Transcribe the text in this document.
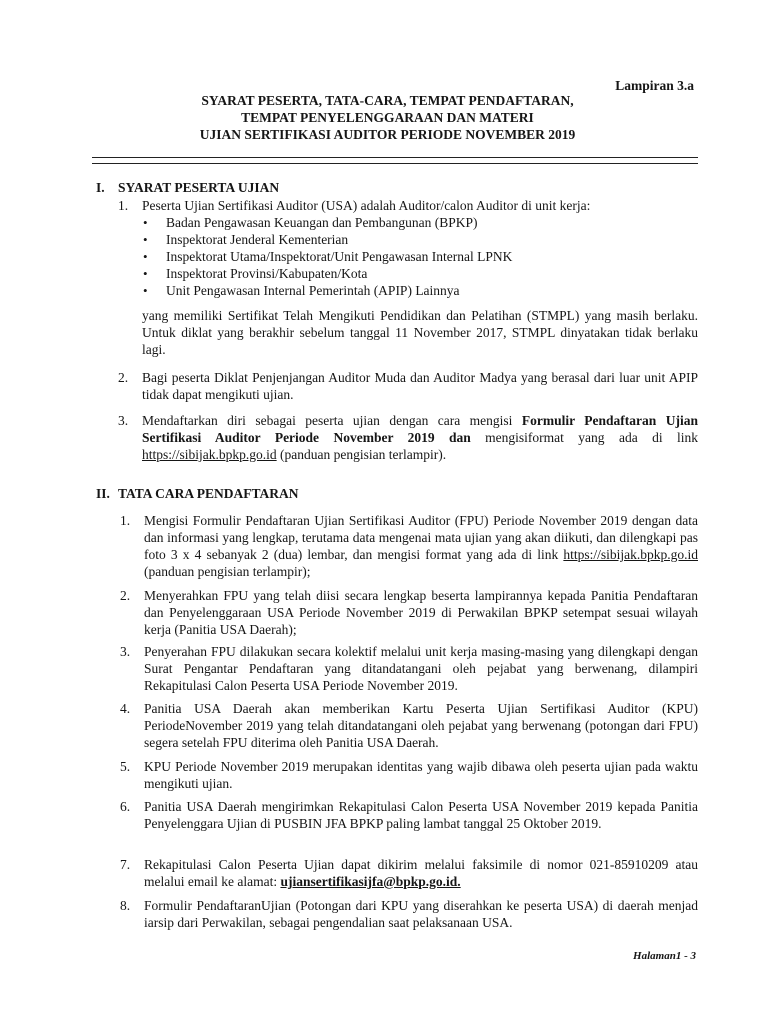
Lampiran 3.a
SYARAT PESERTA, TATA-CARA, TEMPAT PENDAFTARAN,
TEMPAT PENYELENGGARAAN DAN MATERI
UJIAN SERTIFIKASI AUDITOR PERIODE NOVEMBER 2019
I. SYARAT PESERTA UJIAN
1. Peserta Ujian Sertifikasi Auditor (USA) adalah Auditor/calon Auditor di unit kerja:
• Badan Pengawasan Keuangan dan Pembangunan (BPKP)
• Inspektorat Jenderal Kementerian
• Inspektorat Utama/Inspektorat/Unit Pengawasan Internal LPNK
• Inspektorat Provinsi/Kabupaten/Kota
• Unit Pengawasan Internal Pemerintah (APIP) Lainnya
yang memiliki Sertifikat Telah Mengikuti Pendidikan dan Pelatihan (STMPL) yang masih berlaku. Untuk diklat yang berakhir sebelum tanggal 11 November 2017, STMPL dinyatakan tidak berlaku lagi.
2. Bagi peserta Diklat Penjenjangan Auditor Muda dan Auditor Madya yang berasal dari luar unit APIP tidak dapat mengikuti ujian.
3. Mendaftarkan diri sebagai peserta ujian dengan cara mengisi Formulir Pendaftaran Ujian Sertifikasi Auditor Periode November 2019 dan mengisiformat yang ada di link https://sibijak.bpkp.go.id (panduan pengisian terlampir).
II. TATA CARA PENDAFTARAN
1. Mengisi Formulir Pendaftaran Ujian Sertifikasi Auditor (FPU) Periode November 2019 dengan data dan informasi yang lengkap, terutama data mengenai mata ujian yang akan diikuti, dan dilengkapi pas foto 3 x 4 sebanyak 2 (dua) lembar, dan mengisi format yang ada di link https://sibijak.bpkp.go.id (panduan pengisian terlampir);
2. Menyerahkan FPU yang telah diisi secara lengkap beserta lampirannya kepada Panitia Pendaftaran dan Penyelenggaraan USA Periode November 2019 di Perwakilan BPKP setempat sesuai wilayah kerja (Panitia USA Daerah);
3. Penyerahan FPU dilakukan secara kolektif melalui unit kerja masing-masing yang dilengkapi dengan Surat Pengantar Pendaftaran yang ditandatangani oleh pejabat yang berwenang, dilampiri Rekapitulasi Calon Peserta USA Periode November 2019.
4. Panitia USA Daerah akan memberikan Kartu Peserta Ujian Sertifikasi Auditor (KPU) PeriodeNovember 2019 yang telah ditandatangani oleh pejabat yang berwenang (potongan dari FPU) segera setelah FPU diterima oleh Panitia USA Daerah.
5. KPU Periode November 2019 merupakan identitas yang wajib dibawa oleh peserta ujian pada waktu mengikuti ujian.
6. Panitia USA Daerah mengirimkan Rekapitulasi Calon Peserta USA November 2019 kepada Panitia Penyelenggara Ujian di PUSBIN JFA BPKP paling lambat tanggal 25 Oktober 2019.
7. Rekapitulasi Calon Peserta Ujian dapat dikirim melalui faksimile di nomor 021-85910209 atau melalui email ke alamat: ujiansertifikasijfa@bpkp.go.id.
8. Formulir PendaftaranUjian (Potongan dari KPU yang diserahkan ke peserta USA) di daerah menjad iarsip dari Perwakilan, sebagai pengendalian saat pelaksanaan USA.
Halaman1 - 3
